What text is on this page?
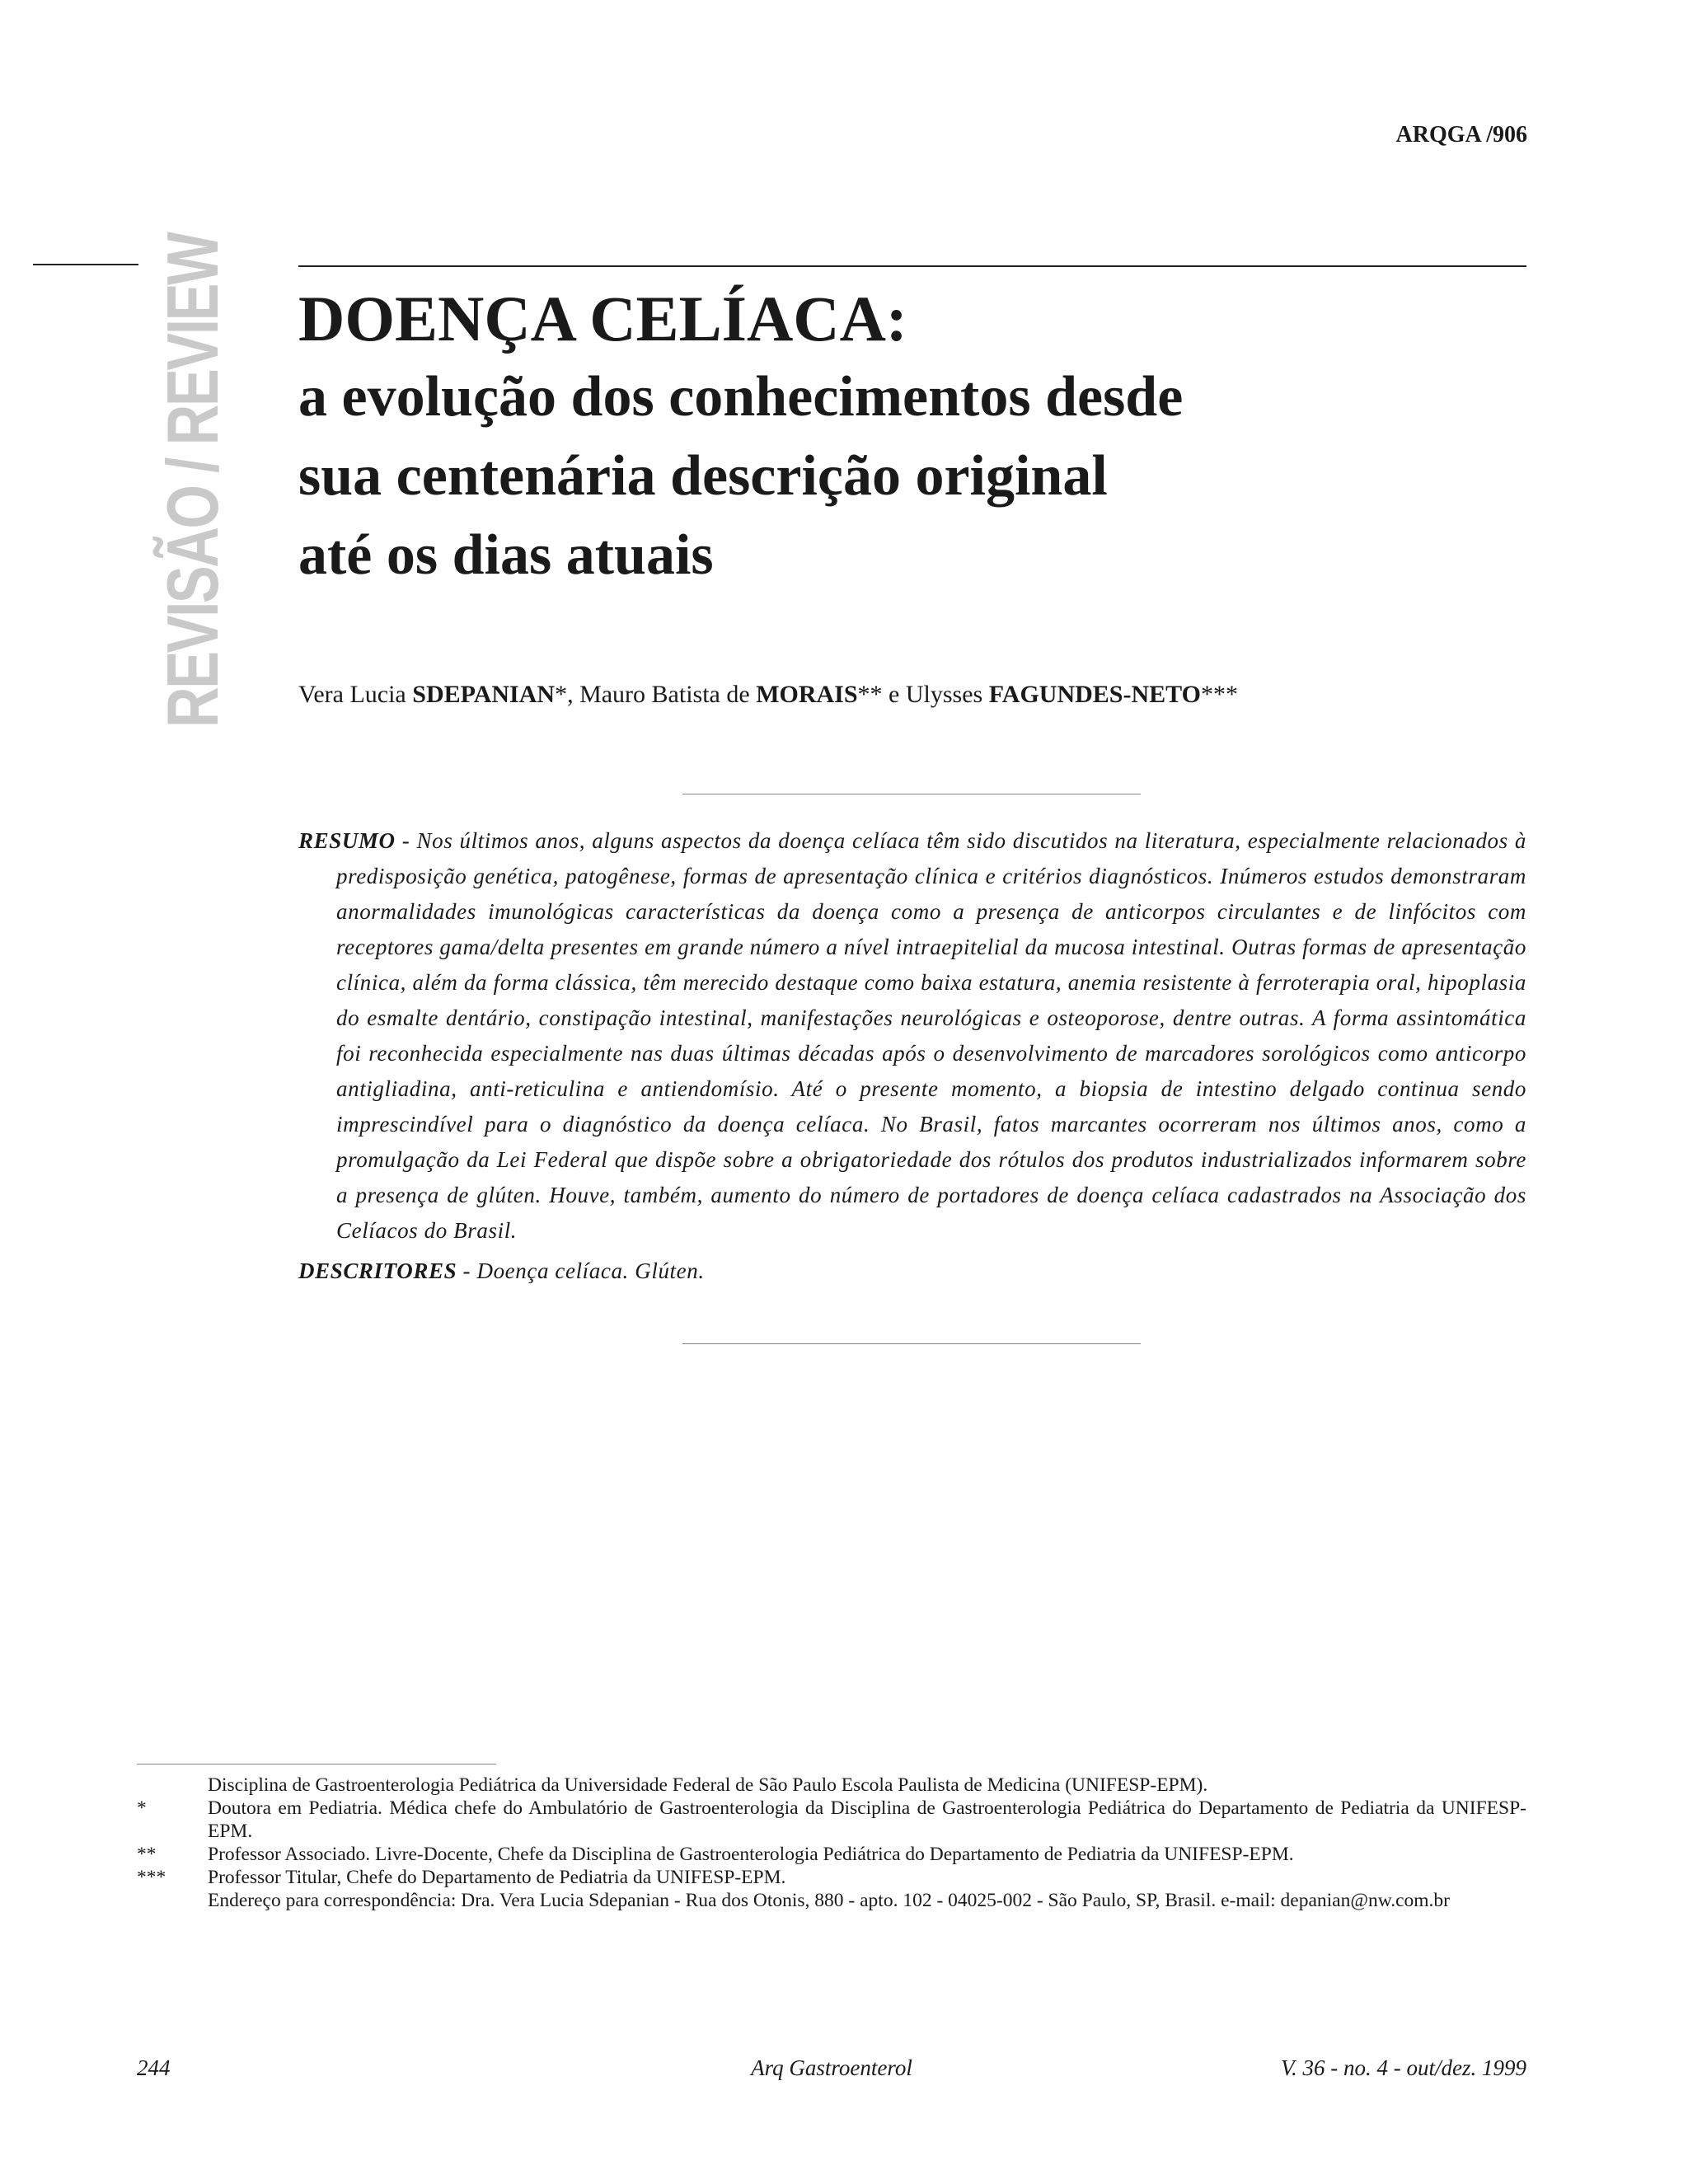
ARQGA /906
REVISÃO / REVIEW DOENÇA CELÍACA:
a evolução dos conhecimentos desde
sua centenária descrição original
até os dias atuais
Vera Lucia SDEPANIAN*, Mauro Batista de MORAIS** e Ulysses FAGUNDES-NETO***
RESUMO - Nos últimos anos, alguns aspectos da doença celíaca têm sido discutidos na literatura, especialmente relacionados à predisposição genética, patogênese, formas de apresentação clínica e critérios diagnósticos. Inúmeros estudos demonstraram anormalidades imunológicas características da doença como a presença de anticorpos circulantes e de linfócitos com receptores gama/delta presentes em grande número a nível intraepitelial da mucosa intestinal. Outras formas de apresentação clínica, além da forma clássica, têm merecido destaque como baixa estatura, anemia resistente à ferroterapia oral, hipoplasia do esmalte dentário, constipação intestinal, manifestações neurológicas e osteoporose, dentre outras. A forma assintomática foi reconhecida especialmente nas duas últimas décadas após o desenvolvimento de marcadores sorológicos como anticorpo antigliadina, anti-reticulina e antiendomísio. Até o presente momento, a biopsia de intestino delgado continua sendo imprescindível para o diagnóstico da doença celíaca. No Brasil, fatos marcantes ocorreram nos últimos anos, como a promulgação da Lei Federal que dispõe sobre a obrigatoriedade dos rótulos dos produtos industrializados informarem sobre a presença de glúten. Houve, também, aumento do número de portadores de doença celíaca cadastrados na Associação dos Celíacos do Brasil.
DESCRITORES - Doença celíaca. Glúten.
Disciplina de Gastroenterologia Pediátrica da Universidade Federal de São Paulo Escola Paulista de Medicina (UNIFESP-EPM).
*	Doutora em Pediatria. Médica chefe do Ambulatório de Gastroenterologia da Disciplina de Gastroenterologia Pediátrica do Departamento de Pediatria da UNIFESP-EPM.
**	Professor Associado. Livre-Docente, Chefe da Disciplina de Gastroenterologia Pediátrica do Departamento de Pediatria da UNIFESP-EPM.
***	Professor Titular, Chefe do Departamento de Pediatria da UNIFESP-EPM.
Endereço para correspondência: Dra. Vera Lucia Sdepanian - Rua dos Otonis, 880 - apto. 102 - 04025-002 - São Paulo, SP, Brasil. e-mail: depanian@nw.com.br
244	Arq Gastroenterol	V. 36 - no. 4 - out/dez. 1999
